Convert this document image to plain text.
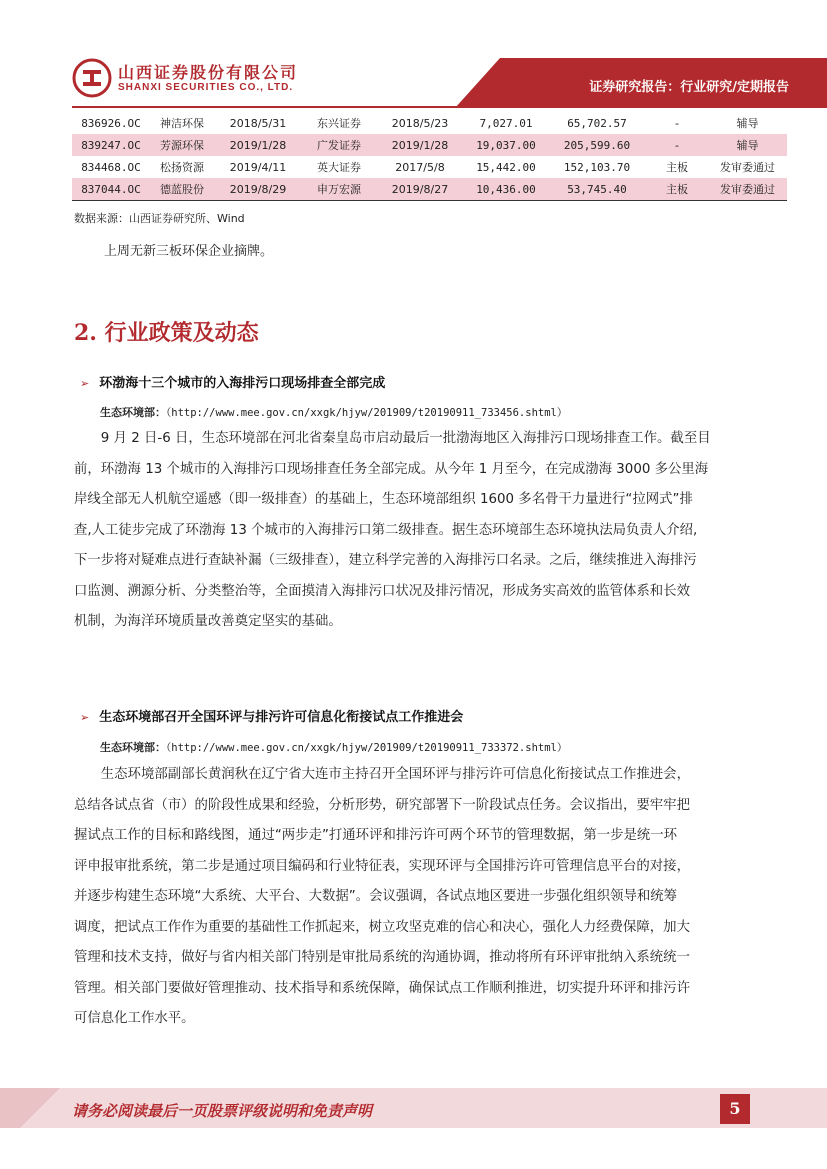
山西证券股份有限公司
SHANXI SECURITIES CO., LTD.	证券研究报告：行业研究/定期报告
836926.OC	神洁环保	2018/5/31	东兴证券	2018/5/23	7,027.01	65,702.57	-	辅导
839247.OC	芳源环保	2019/1/28	广发证券	2019/1/28	19,037.00	205,599.60	-	辅导
834468.OC	松扬资源	2019/4/11	英大证券	2017/5/8	15,442.00	152,103.70	主板	发审委通过
837044.OC	德蓝股份	2019/8/29	申万宏源	2019/8/27	10,436.00	53,745.40	主板	发审委通过
数据来源：山西证券研究所、Wind
上周无新三板环保企业摘牌。
2. 行业政策及动态
➢ 环渤海十三个城市的入海排污口现场排查全部完成
生态环境部：（http://www.mee.gov.cn/xxgk/hjyw/201909/t20190911_733456.shtml）
　　9 月 2 日-6 日，生态环境部在河北省秦皇岛市启动最后一批渤海地区入海排污口现场排查工作。截至目
前，环渤海 13 个城市的入海排污口现场排查任务全部完成。从今年 1 月至今，在完成渤海 3000 多公里海
岸线全部无人机航空遥感（即一级排查）的基础上，生态环境部组织 1600 多名骨干力量进行“拉网式”排
查,人工徒步完成了环渤海 13 个城市的入海排污口第二级排查。据生态环境部生态环境执法局负责人介绍,
下一步将对疑难点进行查缺补漏（三级排查），建立科学完善的入海排污口名录。之后，继续推进入海排污
口监测、溯源分析、分类整治等，全面摸清入海排污口状况及排污情况，形成务实高效的监管体系和长效
机制，为海洋环境质量改善奠定坚实的基础。
➢ 生态环境部召开全国环评与排污许可信息化衔接试点工作推进会
生态环境部：（http://www.mee.gov.cn/xxgk/hjyw/201909/t20190911_733372.shtml）
　　生态环境部副部长黄润秋在辽宁省大连市主持召开全国环评与排污许可信息化衔接试点工作推进会，
总结各试点省（市）的阶段性成果和经验，分析形势，研究部署下一阶段试点任务。会议指出，要牢牢把
握试点工作的目标和路线图，通过“两步走”打通环评和排污许可两个环节的管理数据，第一步是统一环
评申报审批系统，第二步是通过项目编码和行业特征表，实现环评与全国排污许可管理信息平台的对接，
并逐步构建生态环境“大系统、大平台、大数据”。会议强调，各试点地区要进一步强化组织领导和统筹
调度，把试点工作作为重要的基础性工作抓起来，树立攻坚克难的信心和决心，强化人力经费保障，加大
管理和技术支持，做好与省内相关部门特别是审批局系统的沟通协调，推动将所有环评审批纳入系统统一
管理。相关部门要做好管理推动、技术指导和系统保障，确保试点工作顺利推进，切实提升环评和排污许
可信息化工作水平。
请务必阅读最后一页股票评级说明和免责声明	5
